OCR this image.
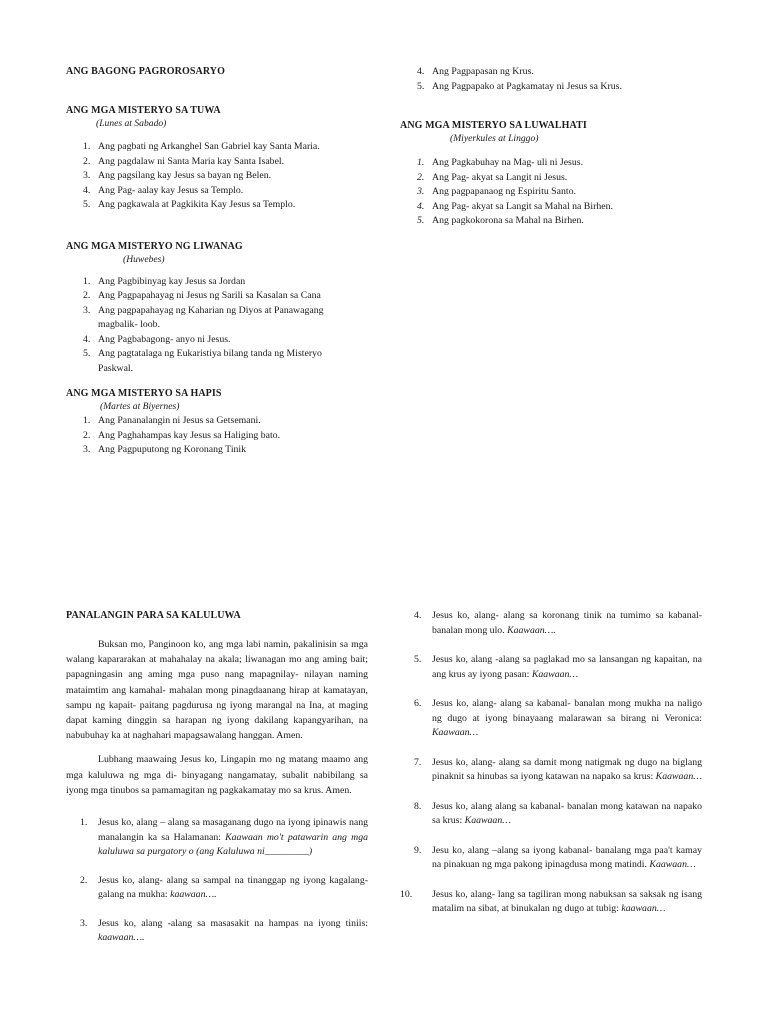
ANG BAGONG PAGROROSARYO

ANG MGA MISTERYO SA TUWA

(Lunes at Sabado)

1. Ang pagbati ng Arkanghel San Gabriel kay Santa Maria.
2. Ang pagdalaw ni Santa Maria kay Santa Isabel.
3. Ang pagsilang kay Jesus sa bayan ng Belen.
4. Ang Pag- aalay kay Jesus sa Templo.
5. Ang pagkawala at Pagkikita Kay Jesus sa Templo.

ANG MGA MISTERYO NG LIWANAG

(Huwebes)

1. Ang Pagbibinyag kay Jesus sa Jordan
2. Ang Pagpapahayag ni Jesus ng Sarili sa Kasalan sa Cana
3. Ang pagpapahayag ng Kaharian ng Diyos at Panawagang magbalik- loob.
4. Ang Pagbabagong- anyo ni Jesus.
5. Ang pagtatalaga ng Eukaristiya bilang tanda ng Misteryo Paskwal.

ANG MGA MISTERYO SA HAPIS

(Martes at Biyernes)

1. Ang Pananalangin ni Jesus sa Getsemani.
2. Ang Paghahampas kay Jesus sa Haliging bato.
3. Ang Pagpuputong ng Koronang Tinik
4. Ang Pagpapasan ng Krus.
5. Ang Pagpapako at Pagkamatay ni Jesus sa Krus.

ANG MGA MISTERYO SA LUWALHATI

(Miyerkules at Linggo)

1. Ang Pagkabuhay na Mag- uli ni Jesus.
2. Ang Pag- akyat sa Langit ni Jesus.
3. Ang pagpapanaog ng Espiritu Santo.
4. Ang Pag- akyat sa Langit sa Mahal na Birhen.
5. Ang pagkokorona sa Mahal na Birhen.

PANALANGIN PARA SA KALULUWA

Buksan mo, Panginoon ko, ang mga labi namin, pakalinisin sa mga walang kapararakan at mahahalay na akala; liwanagan mo ang aming bait; papagningasin ang aming mga puso nang mapagnilay- nilayan naming mataimtim ang kamahal- mahalan mong pinagdaanang hirap at kamatayan, sampu ng kapait- paitang pagdurusa ng iyong marangal na Ina, at maging dapat kaming dinggin sa harapan ng iyong dakilang kapangyarihan, na nabubuhay ka at naghahari mapagsawalang hanggan. Amen.

Lubhang maawaing Jesus ko, Lingapin mo ng matang maamo ang mga kaluluwa ng mga di- binyagang nangamatay, subalit nabibilang sa iyong mga tinubos sa pamamagitan ng pagkakamatay mo sa krus. Amen.

1. Jesus ko, alang – alang sa masaganang dugo na iyong ipinawis nang manalangin ka sa Halamanan: Kaawaan mo't patawarin ang mga kaluluwa sa purgatory o (ang Kaluluwa ni_________)
2. Jesus ko, alang- alang sa sampal na tinanggap ng iyong kagalang- galang na mukha: kaawaan….
3. Jesus ko, alang -alang sa masasakit na hampas na iyong tiniis: kaawaan….
4. Jesus ko, alang- alang sa koronang tinik na tumimo sa kabanal- banalan mong ulo. Kaawaan….
5. Jesus ko, alang -alang sa paglakad mo sa lansangan ng kapaitan, na ang krus ay iyong pasan: Kaawaan…
6. Jesus ko, alang- alang sa kabanal- banalan mong mukha na naligo ng dugo at iyong binayaang malarawan sa birang ni Veronica: Kaawaan…
7. Jesus ko, alang- alang sa damit mong natigmak ng dugo na biglang pinaknit sa hinubas sa iyong katawan na napako sa krus: Kaawaan…
8. Jesus ko, alang alang sa kabanal- banalan mong katawan na napako sa krus: Kaawaan…
9. Jesu ko, alang –alang sa iyong kabanal- banalang mga paa't kamay na pinakuan ng mga pakong ipinagdusa mong matindi. Kaawaan…
10. Jesus ko, alang- lang sa tagiliran mong nabuksan sa saksak ng isang matalim na sibat, at binukalan ng dugo at tubig: kaawaan…
